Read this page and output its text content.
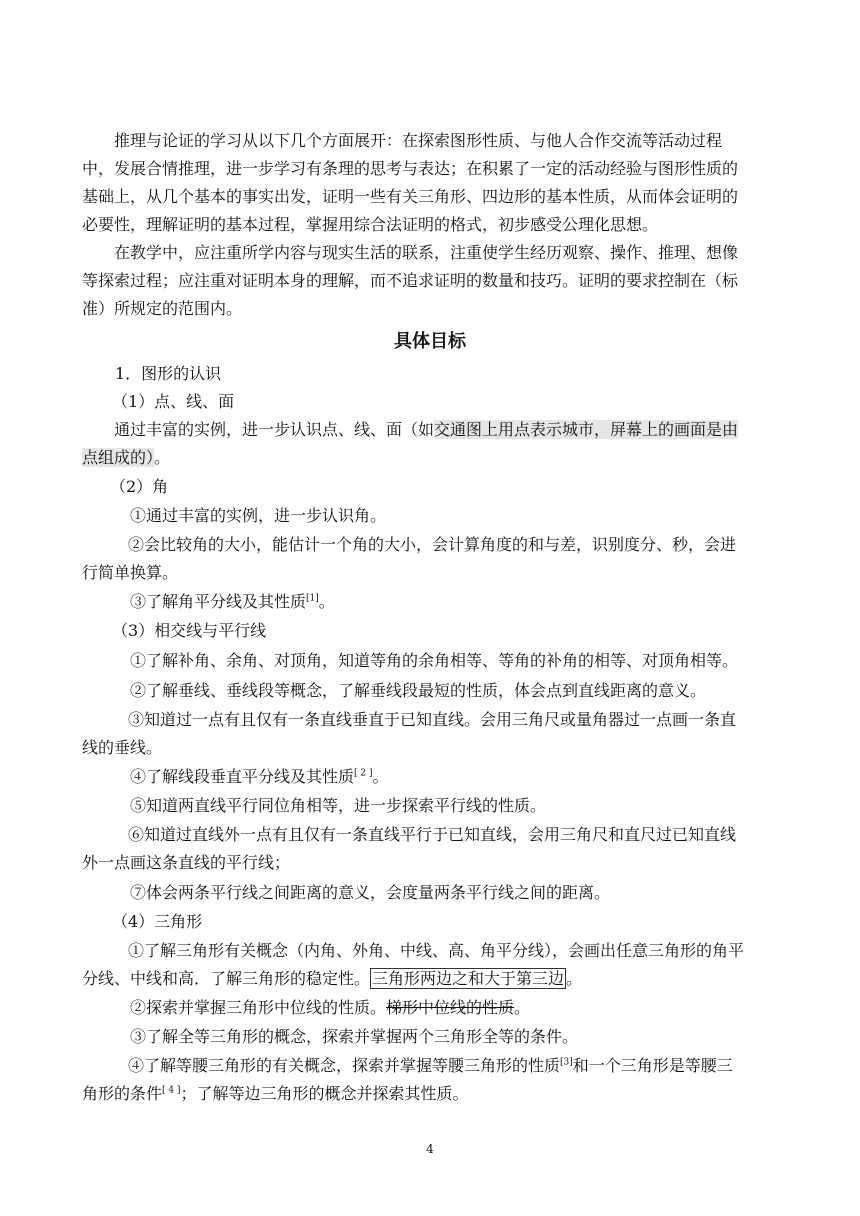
推理与论证的学习从以下几个方面展开：在探索图形性质、与他人合作交流等活动过程中，发展合情推理，进一步学习有条理的思考与表达；在积累了一定的活动经验与图形性质的基础上，从几个基本的事实出发，证明一些有关三角形、四边形的基本性质，从而体会证明的必要性，理解证明的基本过程，掌握用综合法证明的格式，初步感受公理化思想。

在教学中，应注重所学内容与现实生活的联系，注重使学生经历观察、操作、推理、想像等探索过程；应注重对证明本身的理解，而不追求证明的数量和技巧。证明的要求控制在（标准）所规定的范围内。

具体目标
1．图形的认识
（1）点、线、面

通过丰富的实例，进一步认识点、线、面（如交通图上用点表示城市，屏幕上的画面是由点组成的）。

（2）角
①通过丰富的实例，进一步认识角。

②会比较角的大小，能估计一个角的大小，会计算角度的和与差，识别度分、秒，会进行简单换算。

③了解角平分线及其性质[1]。
（3）相交线与平行线
①了解补角、余角、对顶角，知道等角的余角相等、等角的补角的相等、对顶角相等。
②了解垂线、垂线段等概念，了解垂线段最短的性质，体会点到直线距离的意义。

③知道过一点有且仅有一条直线垂直于已知直线。会用三角尺或量角器过一点画一条直线的垂线。

④了解线段垂直平分线及其性质[ 2 ]。
⑤知道两直线平行同位角相等，进一步探索平行线的性质。

⑥知道过直线外一点有且仅有一条直线平行于已知直线，会用三角尺和直尺过已知直线外一点画这条直线的平行线；

⑦体会两条平行线之间距离的意义，会度量两条平行线之间的距离。
（4）三角形

①了解三角形有关概念（内角、外角、中线、高、角平分线），会画出任意三角形的角平分线、中线和高．了解三角形的稳定性。 三角形两边之和大于第三边 。

②探索并掌握三角形中位线的性质。梯形中位线的性质。
③了解全等三角形的概念，探索并掌握两个三角形全等的条件。

④了解等腰三角形的有关概念，探索并掌握等腰三角形的性质[3]和一个三角形是等腰三角形的条件[ 4 ]；了解等边三角形的概念并探索其性质。

4
